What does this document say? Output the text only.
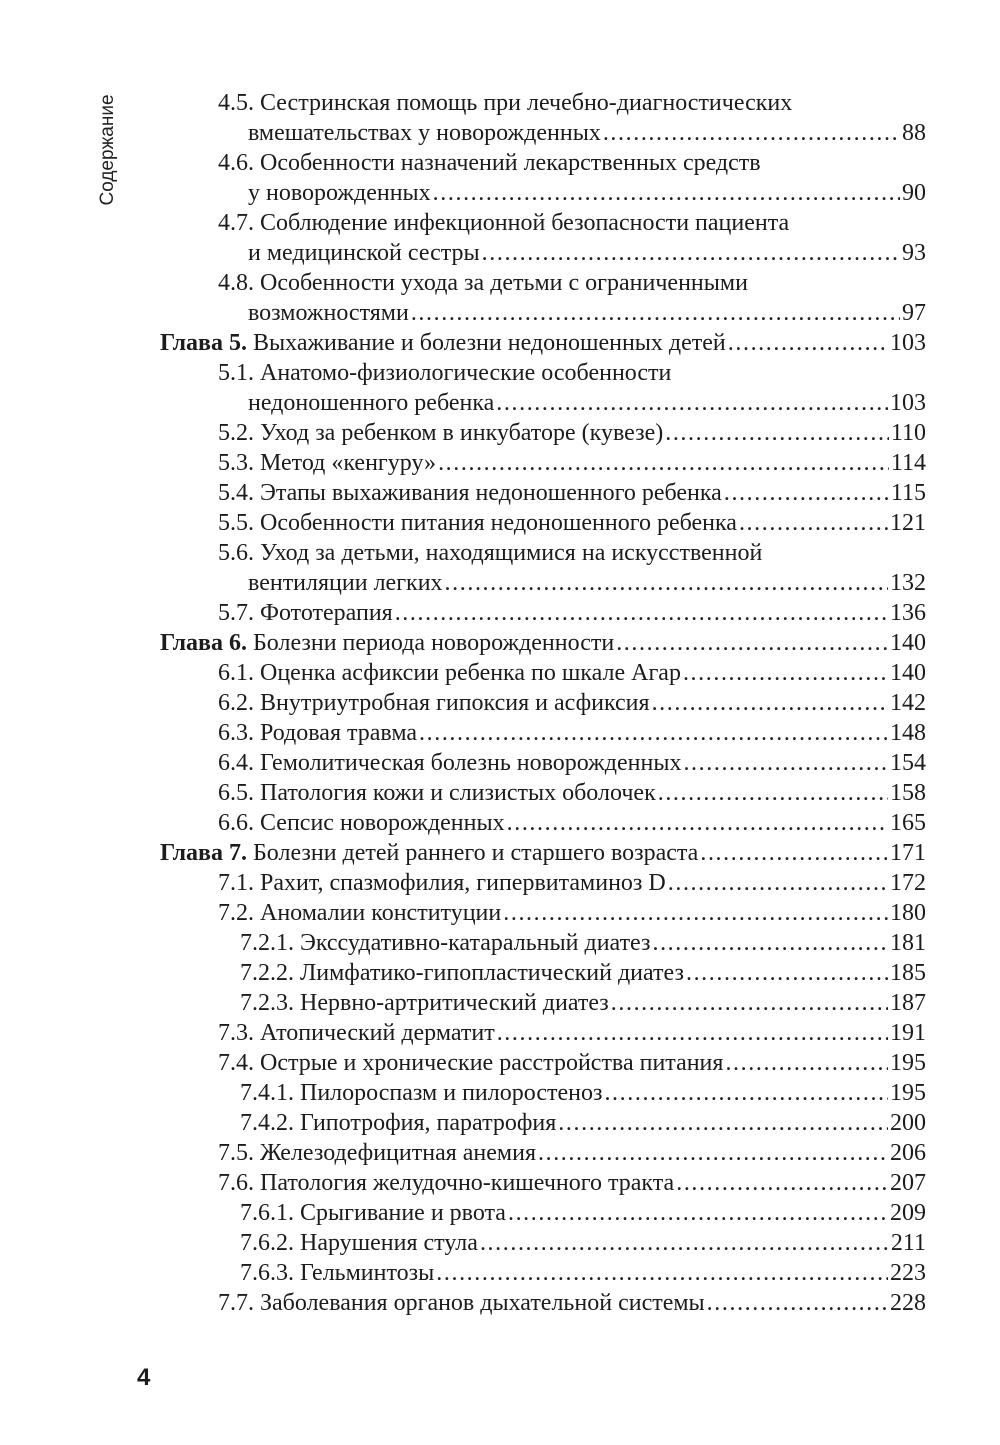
Содержание	4.5. Сестринская помощь при лечебно-диагностических
вмешательствах у новорожденных . . .	88
4.6. Особенности назначений лекарственных средств
у новорожденных . . .	90
4.7. Соблюдение инфекционной безопасности пациента
и медицинской сестры . . .	93
4.8. Особенности ухода за детьми с ограниченными
возможностями . . .	97
Глава 5.
Выхаживание и болезни недоношенных детей . . .	103
5.1. Анатомо-физиологические особенности
недоношенного ребенка . . .	103
5.2. Уход за ребенком в инкубаторе (кувезе) . . .	110
5.3. Метод «кенгуру» . . .	114
5.4. Этапы выхаживания недоношенного ребенка . . .	115
5.5. Особенности питания недоношенного ребенка . . .	121
5.6. Уход за детьми, находящимися на искусственной
вентиляции легких . . .	132
5.7. Фототерапия . . .	136
Глава 6.
Болезни периода новорожденности . . .	140
6.1. Оценка асфиксии ребенка по шкале Агар . . .	140
6.2. Внутриутробная гипоксия и асфиксия . . .	142
6.3. Родовая травма . . .	148
6.4. Гемолитическая болезнь новорожденных . . .	154
6.5. Патология кожи и слизистых оболочек . . .	158
6.6. Сепсис новорожденных . . .	165
Глава 7.
Болезни детей раннего и старшего возраста . . .	171
7.1. Рахит, спазмофилия, гипервитаминоз D . . .	172
7.2. Аномалии конституции . . .	180
7.2.1. Экссудативно-катаральный диатез . . .	181
7.2.2. Лимфатико-гипопластический диатез . . .	185
7.2.3. Нервно-артритический диатез . . .	187
7.3. Атопический дерматит . . .	191
7.4. Острые и хронические расстройства питания . . .	195
7.4.1. Пилороспазм и пилоростеноз . . .	195
7.4.2. Гипотрофия, паратрофия . . .	200
7.5. Железодефицитная анемия . . .	206
7.6. Патология желудочно-кишечного тракта . . .	207
7.6.1. Срыгивание и рвота . . .	209
7.6.2. Нарушения стула . . .	211
7.6.3. Гельминтозы . . .	223
7.7. Заболевания органов дыхательной системы . . .	228
4
